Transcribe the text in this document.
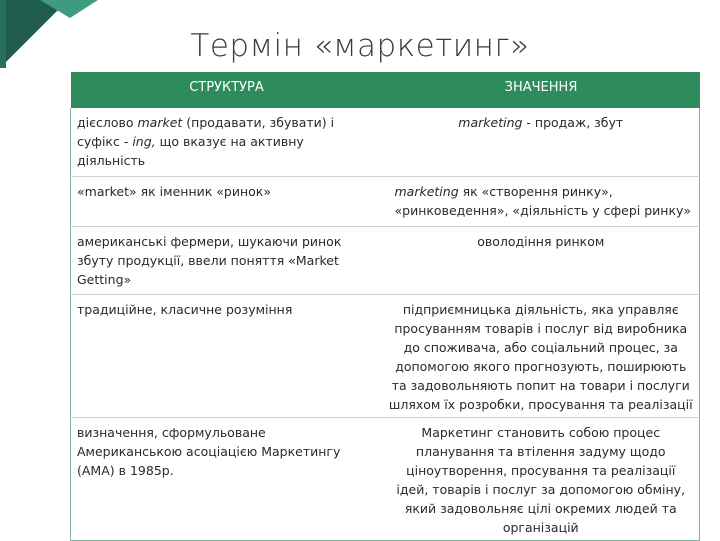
Термін «маркетинг»
СТРУКТУРА	ЗНАЧЕННЯ
дієслово market (продавати, збувати) і суфікс - ing, що вказує на активну діяльність	marketing - продаж, збут
«market» як іменник «ринок»	marketing як «створення ринку», «ринковедення», «діяльність у сфері ринку»
американські фермери, шукаючи ринок збуту продукції, ввели поняття «Market Getting»	оволодіння ринком
традиційне, класичне розуміння	підприємницька діяльність, яка управляє просуванням товарів і послуг від виробника до споживача, або соціальний процес, за допомогою якого прогнозують, поширюють та задовольняють попит на товари і послуги шляхом їх розробки, просування та реалізації
визначення, сформульоване Американською асоціацією Маркетингу (АМА) в 1985р.	Маркетинг становить собою процес планування та втілення задуму щодо ціноутворення, просування та реалізації ідей, товарів і послуг за допомогою обміну, який задовольняє цілі окремих людей та організацій
